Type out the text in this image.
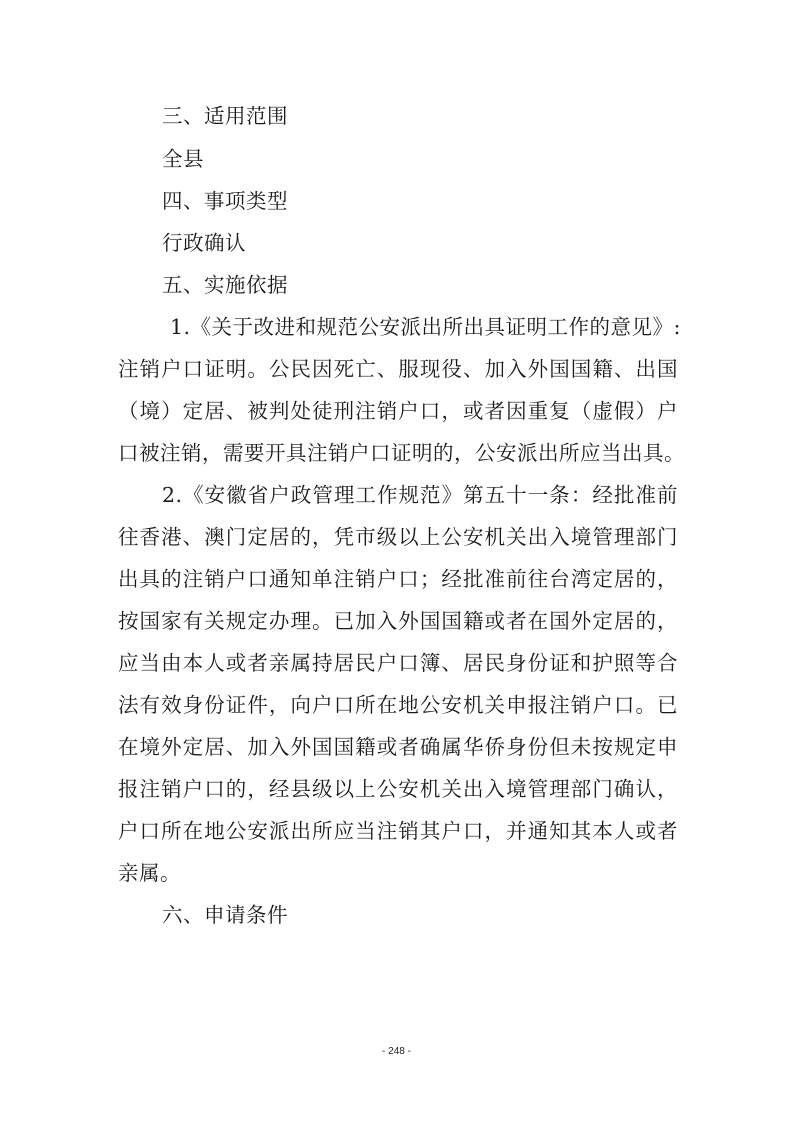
三、适用范围
全县
四、事项类型
行政确认
五、实施依据
1.《关于改进和规范公安派出所出具证明工作的意见》:
注销户口证明。公民因死亡、服现役、加入外国国籍、出国
（境）定居、被判处徒刑注销户口，或者因重复（虚假）户
口被注销，需要开具注销户口证明的，公安派出所应当出具。
2.《安徽省户政管理工作规范》第五十一条：经批准前
往香港、澳门定居的，凭市级以上公安机关出入境管理部门
出具的注销户口通知单注销户口；经批准前往台湾定居的，
按国家有关规定办理。已加入外国国籍或者在国外定居的，
应当由本人或者亲属持居民户口簿、居民身份证和护照等合
法有效身份证件，向户口所在地公安机关申报注销户口。已
在境外定居、加入外国国籍或者确属华侨身份但未按规定申
报注销户口的，经县级以上公安机关出入境管理部门确认，
户口所在地公安派出所应当注销其户口，并通知其本人或者
亲属。
六、申请条件
- 248 -
